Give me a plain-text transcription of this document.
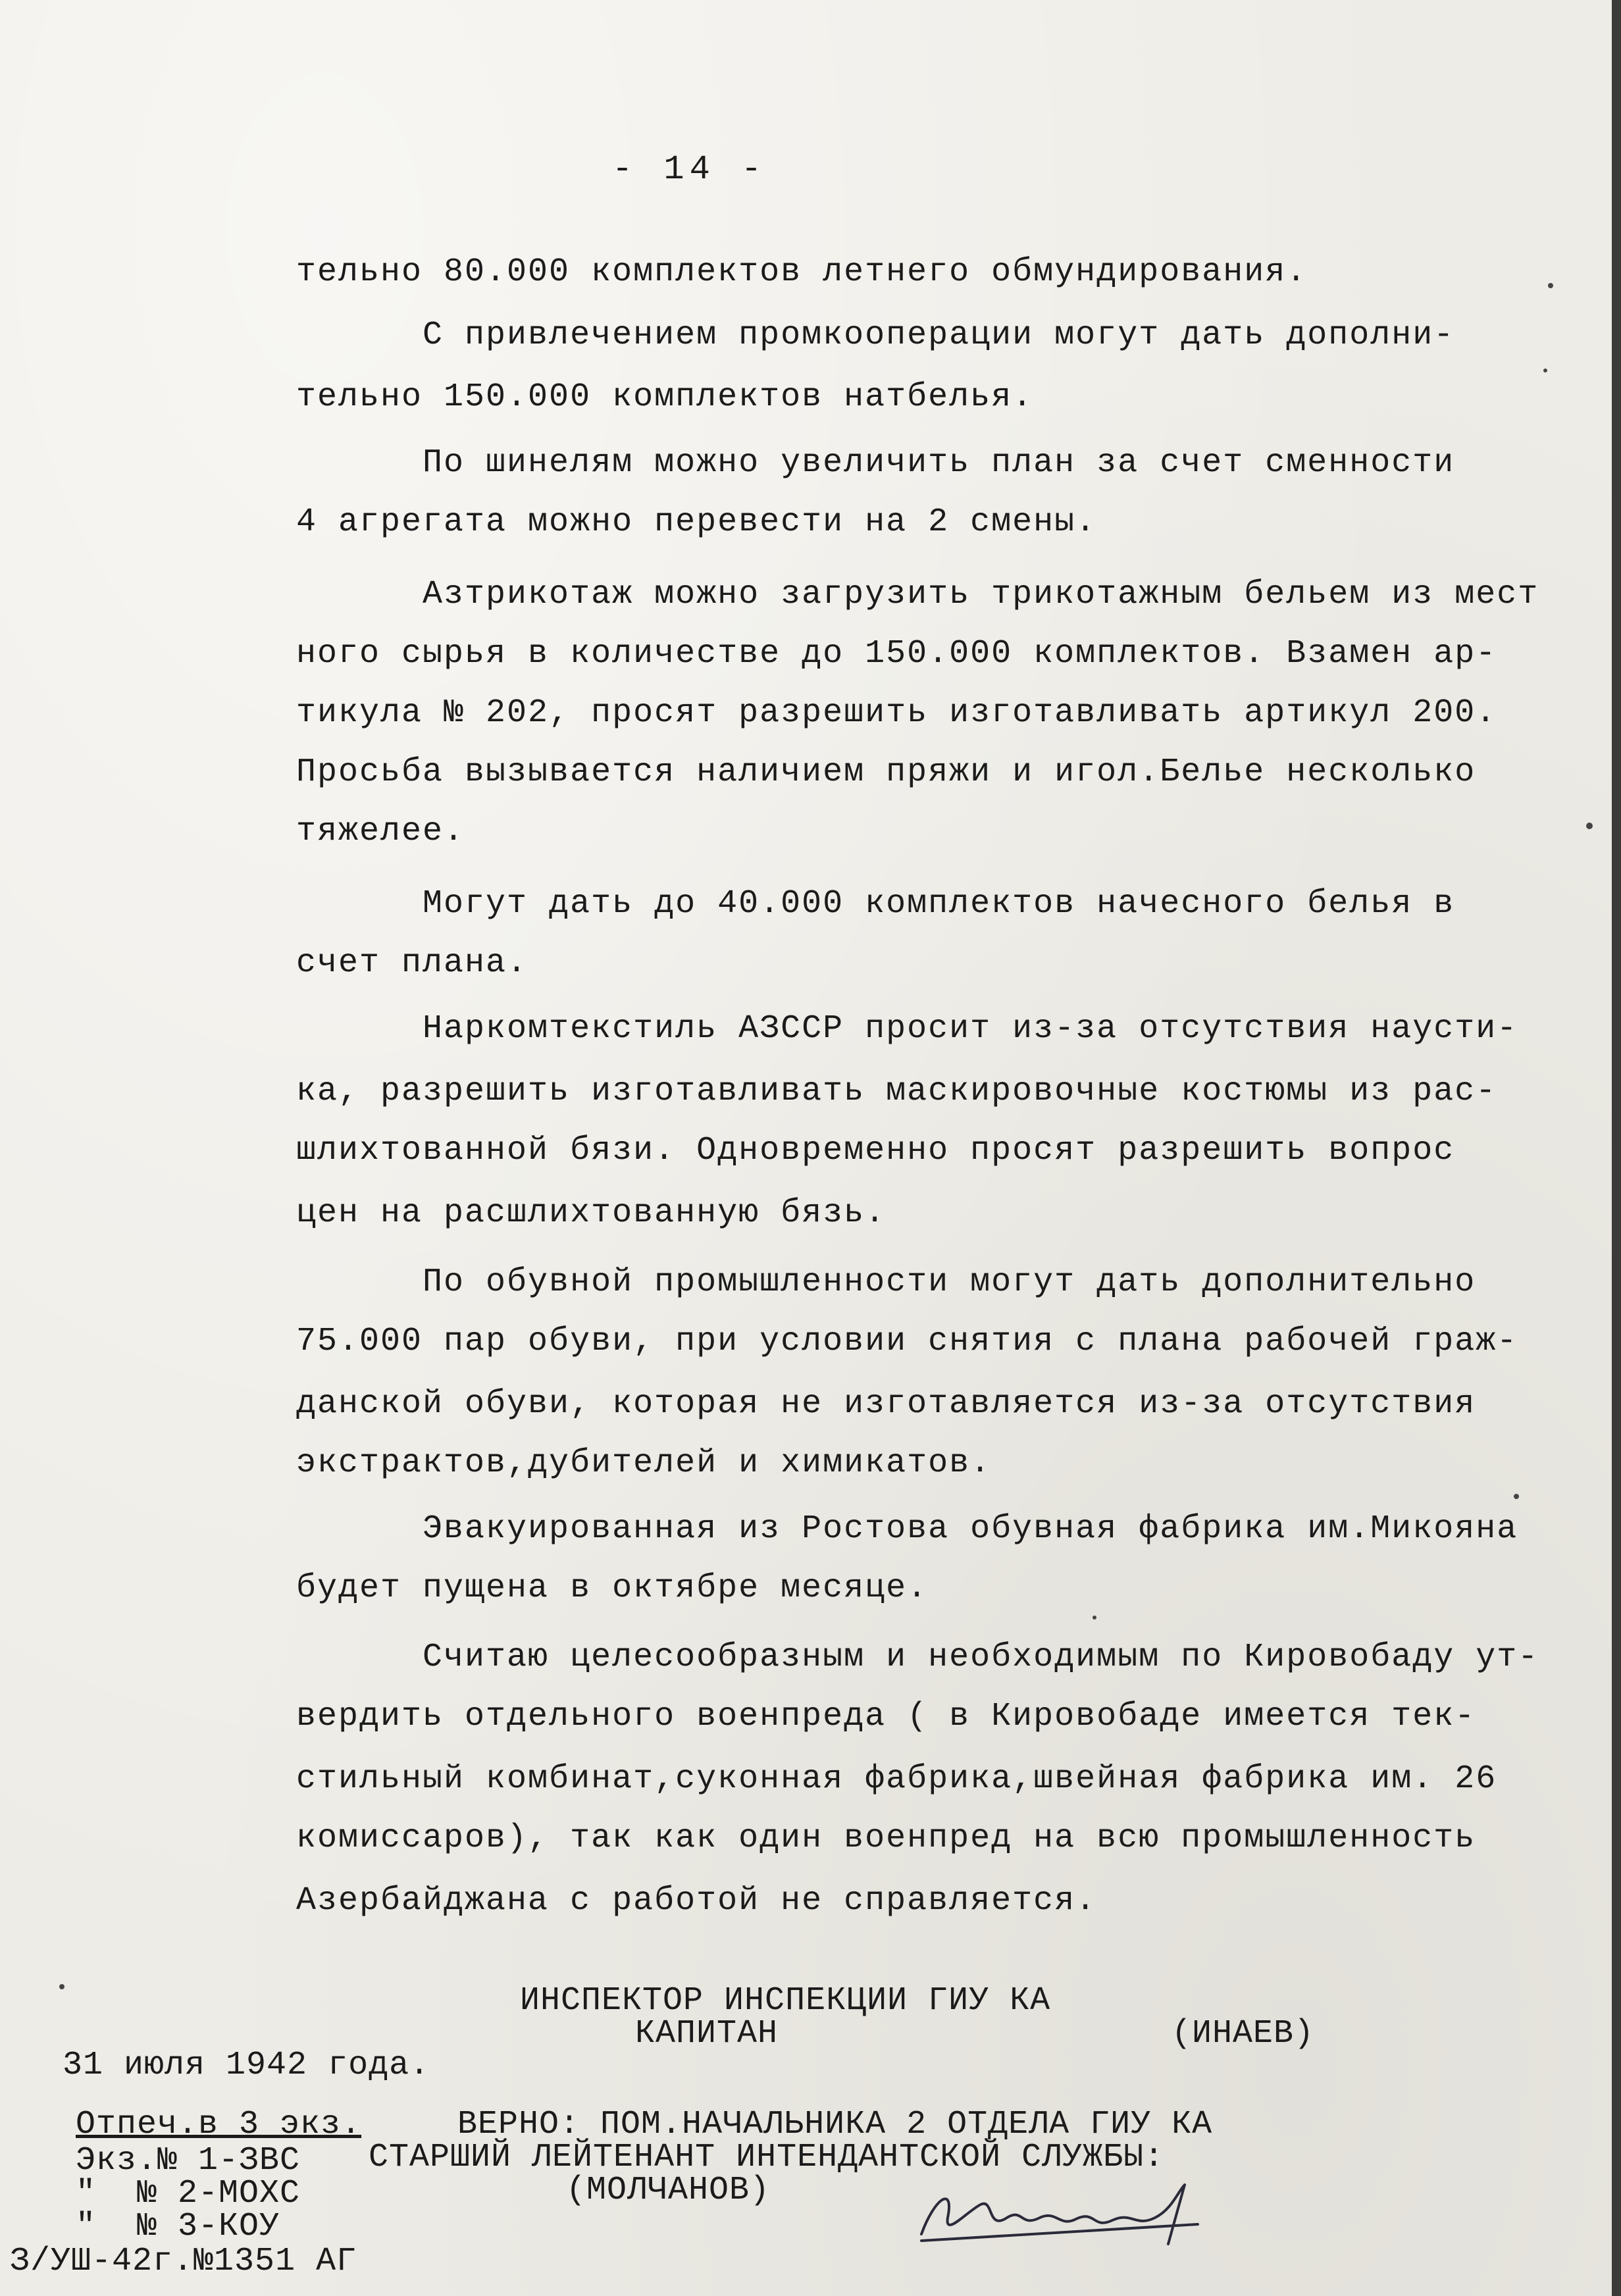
- 14 -
тельно 80.000 комплектов летнего обмундирования.
С привлечением промкооперации могут дать дополни-
тельно 150.000 комплектов натбелья.
По шинелям можно увеличить план за счет сменности
4 агрегата можно перевести на 2 смены.
Азтрикотаж можно загрузить трикотажным бельем из мест
ного сырья в количестве до 150.000 комплектов. Взамен ар-
тикула № 202, просят разрешить изготавливать артикул 200.
Просьба вызывается наличием пряжи и игол.Белье несколько
тяжелее.
Могут дать до 40.000 комплектов начесного белья в
счет плана.
Наркомтекстиль АЗССР просит из-за отсутствия наусти-
ка, разрешить изготавливать маскировочные костюмы из рас-
шлихтованной бязи. Одновременно просят разрешить вопрос
цен на расшлихтованную бязь.
По обувной промышленности могут дать дополнительно
75.000 пар обуви, при условии снятия с плана рабочей граж-
данской обуви, которая не изготавляется из-за отсутствия
экстрактов,дубителей и химикатов.
Эвакуированная из Ростова обувная фабрика им.Микояна
будет пущена в октябре месяце.
Считаю целесообразным и необходимым по Кировобаду ут-
вердить отдельного военпреда ( в Кировобаде имеется тек-
стильный комбинат,суконная фабрика,швейная фабрика им. 26
комиссаров), так как один военпред на всю промышленность
Азербайджана с работой не справляется.
ИНСПЕКТОР ИНСПЕКЦИИ ГИУ КА
КАПИТАН	(ИНАЕВ)
31 июля 1942 года.
Отпеч.в 3 экз.	ВЕРНО: ПОМ.НАЧАЛЬНИКА 2 ОТДЕЛА ГИУ КА
Экз.№ 1-ЗВС СТАРШИЙ ЛЕЙТЕНАНТ ИНТЕНДАНТСКОЙ СЛУЖБЫ:
"  № 2-МОХС	(МОЛЧАНОВ)
"  № 3-КОУ
З/УШ-42г.№1351 АГ
